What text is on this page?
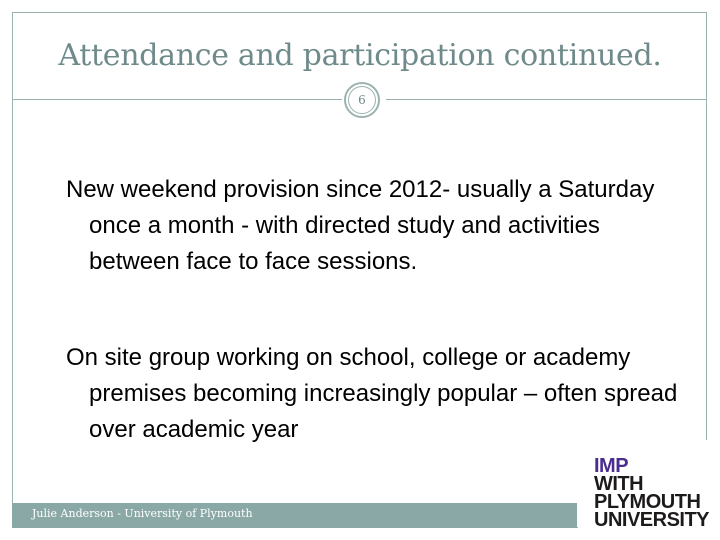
Attendance and participation continued.
6
New weekend provision since 2012- usually a Saturday once a month - with directed study and activities between face to face sessions.
On site group working on school, college or academy premises becoming increasingly popular – often spread over academic year
Julie Anderson - University of Plymouth
IMP
WITH
PLYMOUTH
UNIVERSITY
